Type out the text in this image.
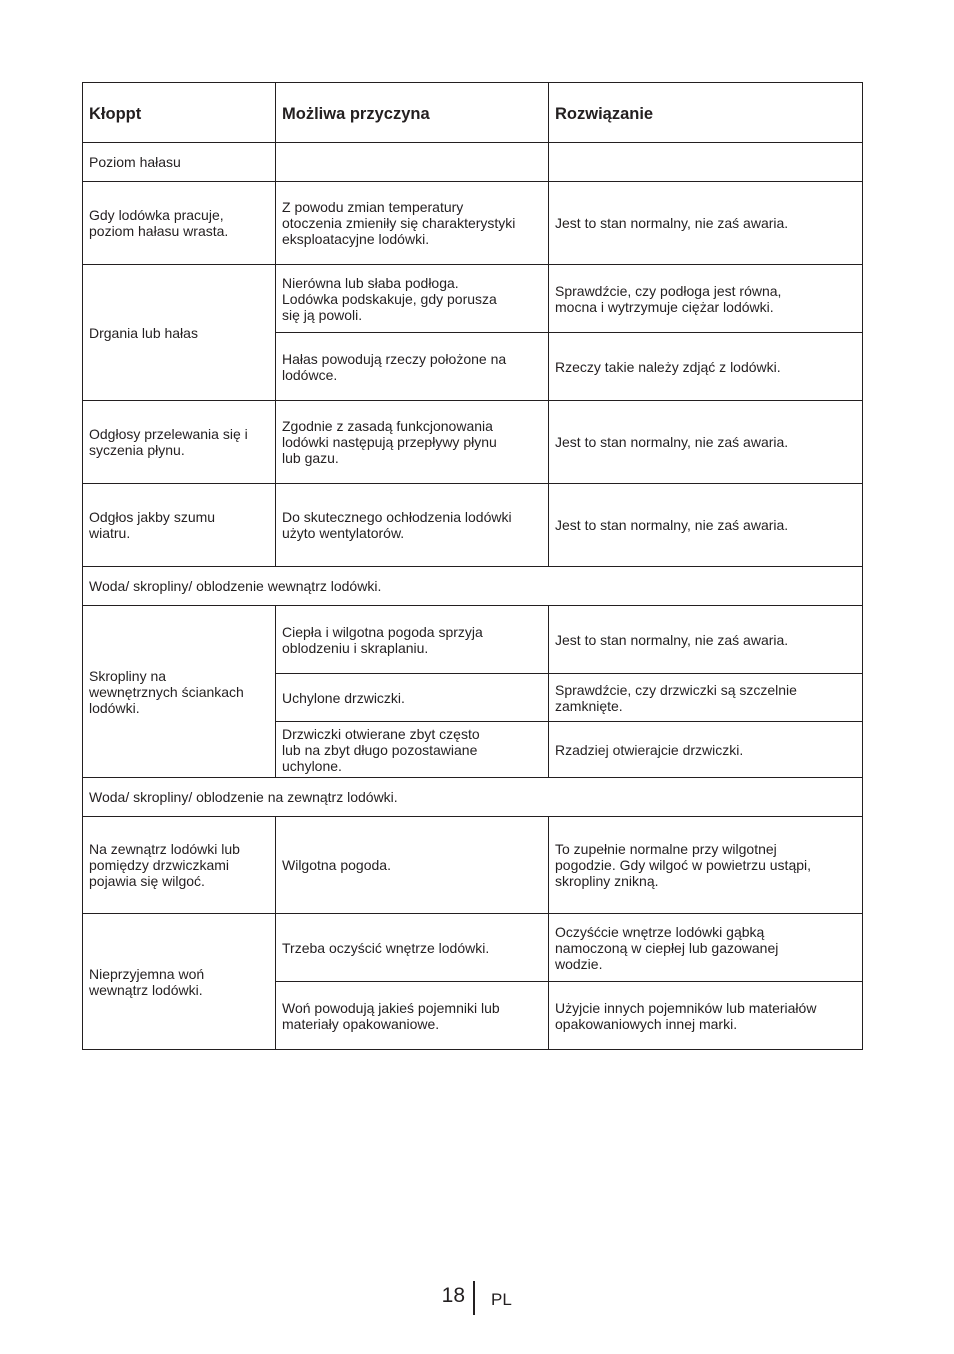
Kłoppt	Możliwa przyczyna	Rozwiązanie
Poziom hałasu		
Gdy lodówka pracuje,
poziom hałasu wrasta.	Z powodu zmian temperatury
otoczenia zmieniły się charakterystyki
eksploatacyjne lodówki.	Jest to stan normalny, nie zaś awaria.
Drgania lub hałas	Nierówna lub słaba podłoga.
Lodówka podskakuje, gdy porusza
się ją powoli.	Sprawdźcie, czy podłoga jest równa,
mocna i wytrzymuje ciężar lodówki.
	Hałas powodują rzeczy położone na
lodówce.	Rzeczy takie należy zdjąć z lodówki.
Odgłosy przelewania się i
syczenia płynu.	Zgodnie z zasadą funkcjonowania
lodówki następują przepływy płynu
lub gazu.	Jest to stan normalny, nie zaś awaria.
Odgłos jakby szumu
wiatru.	Do skutecznego ochłodzenia lodówki
użyto wentylatorów.	Jest to stan normalny, nie zaś awaria.
Woda/ skropliny/ oblodzenie wewnątrz lodówki.		
Skropliny na
wewnętrznych ściankach
lodówki.	Ciepła i wilgotna pogoda sprzyja
oblodzeniu i skraplaniu.	Jest to stan normalny, nie zaś awaria.
	Uchylone drzwiczki.	Sprawdźcie, czy drzwiczki są szczelnie
zamknięte.
	Drzwiczki otwierane zbyt często
lub na zbyt długo pozostawiane
uchylone.	Rzadziej otwierajcie drzwiczki.
Woda/ skropliny/ oblodzenie na zewnątrz lodówki.		
Na zewnątrz lodówki lub
pomiędzy drzwiczkami
pojawia się wilgoć.	Wilgotna pogoda.	To zupełnie normalne przy wilgotnej
pogodzie. Gdy wilgoć w powietrzu ustąpi,
skropliny znikną.
Nieprzyjemna woń
wewnątrz lodówki.	Trzeba oczyścić wnętrze lodówki.	Oczyśćcie wnętrze lodówki gąbką
namoczoną w ciepłej lub gazowanej
wodzie.
	Woń powodują jakieś pojemniki lub
materiały opakowaniowe.	Użyjcie innych pojemników lub materiałów
opakowaniowych innej marki.
18 PL
